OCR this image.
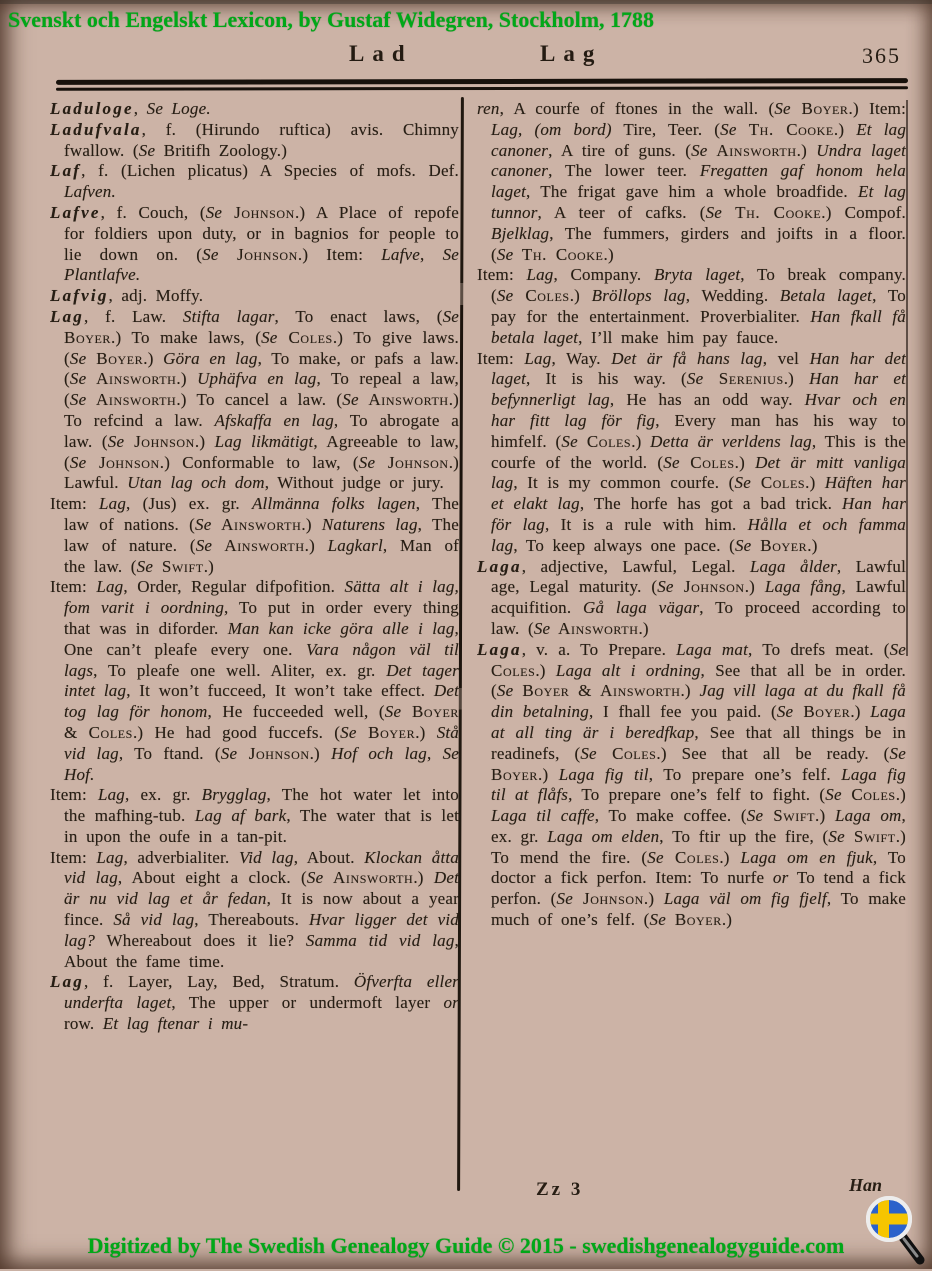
Svenskt och Engelskt Lexicon, by Gustaf Widegren, Stockholm, 1788
Lad	Lag	365

Laduloge, Se Loge.

Ladufvala, f. (Hirundo ruftica) avis. Chimny fwallow. (Se Britifh Zoology.)

Laf, f. (Lichen plicatus) A Species of mofs. Def. Lafven.

Lafve, f. Couch, (Se Johnson.) A Place of repofe for foldiers upon duty, or in bagnios for people to lie down on. (Se Johnson.) Item: Lafve, Se Plantlafve.

Lafvig, adj. Moffy.

Lag, f. Law. Stifta lagar, To enact laws, (Se Boyer.) To make laws, (Se Coles.) To give laws. (Se Boyer.) Göra en lag, To make, or pafs a law. (Se Ainsworth.) Uphäfva en lag, To repeal a law, (Se Ainsworth.) To cancel a law. (Se Ainsworth.) To refcind a law. Afskaffa en lag, To abrogate a law. (Se Johnson.) Lag likmätigt, Agreeable to law, (Se Johnson.) Conformable to law, (Se Johnson.) Lawful. Utan lag och dom, Without judge or jury.

Item: Lag, (Jus) ex. gr. Allmänna folks lagen, The law of nations. (Se Ainsworth.) Naturens lag, The law of nature. (Se Ainsworth.) Lagkarl, Man of the law. (Se Swift.)

Item: Lag, Order, Regular difpofition. Sätta alt i lag, fom varit i oordning, To put in order every thing that was in diforder. Man kan icke göra alle i lag, One can’t pleafe every one. Vara någon väl til lags, To pleafe one well. Aliter, ex. gr. Det tager intet lag, It won’t fucceed, It won’t take effect. Det tog lag för honom, He fucceeded well, (Se Boyer & Coles.) He had good fuccefs. (Se Boyer.) Stå vid lag, To ftand. (Se Johnson.) Hof och lag, Se Hof.

Item: Lag, ex. gr. Brygglag, The hot water let into the mafhing-tub. Lag af bark, The water that is let in upon the oufe in a tan-pit.

Item: Lag, adverbialiter. Vid lag, About. Klockan åtta vid lag, About eight a clock. (Se Ainsworth.) Det är nu vid lag et år fedan, It is now about a year fince. Så vid lag, Thereabouts. Hvar ligger det vid lag? Whereabout does it lie? Samma tid vid lag, About the fame time.

Lag, f. Layer, Lay, Bed, Stratum. Öfverfta eller underfta laget, The upper or undermoft layer or row. Et lag ftenar i mu-

ren, A courfe of ftones in the wall. (Se Boyer.) Item: Lag, (om bord) Tire, Teer. (Se Th. Cooke.) Et lag canoner, A tire of guns. (Se Ainsworth.) Undra laget canoner, The lower teer. Fregatten gaf honom hela laget, The frigat gave him a whole broadfide. Et lag tunnor, A teer of cafks. (Se Th. Cooke.) Compof. Bjelklag, The fummers, girders and joifts in a floor. (Se Th. Cooke.)

Item: Lag, Company. Bryta laget, To break company. (Se Coles.) Bröllops lag, Wedding. Betala laget, To pay for the entertainment. Proverbialiter. Han fkall få betala laget, I’ll make him pay fauce.

Item: Lag, Way. Det är få hans lag, vel Han har det laget, It is his way. (Se Serenius.) Han har et befynnerligt lag, He has an odd way. Hvar och en har fitt lag för fig, Every man has his way to himfelf. (Se Coles.) Detta är verldens lag, This is the courfe of the world. (Se Coles.) Det är mitt vanliga lag, It is my common courfe. (Se Coles.) Häften har et elakt lag, The horfe has got a bad trick. Han har för lag, It is a rule with him. Hålla et och famma lag, To keep always one pace. (Se Boyer.)

Laga, adjective, Lawful, Legal. Laga ålder, Lawful age, Legal maturity. (Se Johnson.) Laga fång, Lawful acquifition. Gå laga vägar, To proceed according to law. (Se Ainsworth.)

Laga, v. a. To Prepare. Laga mat, To drefs meat. (Se Coles.) Laga alt i ordning, See that all be in order. (Se Boyer & Ainsworth.) Jag vill laga at du fkall få din betalning, I fhall fee you paid. (Se Boyer.) Laga at all ting är i beredfkap, See that all things be in readinefs, (Se Coles.) See that all be ready. (Se Boyer.) Laga fig til, To prepare one’s felf. Laga fig til at flåfs, To prepare one’s felf to fight. (Se Coles.) Laga til caffe, To make coffee. (Se Swift.) Laga om, ex. gr. Laga om elden, To ftir up the fire, (Se Swift.) To mend the fire. (Se Coles.) Laga om en fjuk, To doctor a fick perfon. Item: To nurfe or To tend a fick perfon. (Se Johnson.) Laga väl om fig fjelf, To make much of one’s felf. (Se Boyer.)

Zz 3	Han
Digitized by The Swedish Genealogy Guide © 2015 - swedishgenealogyguide.com
